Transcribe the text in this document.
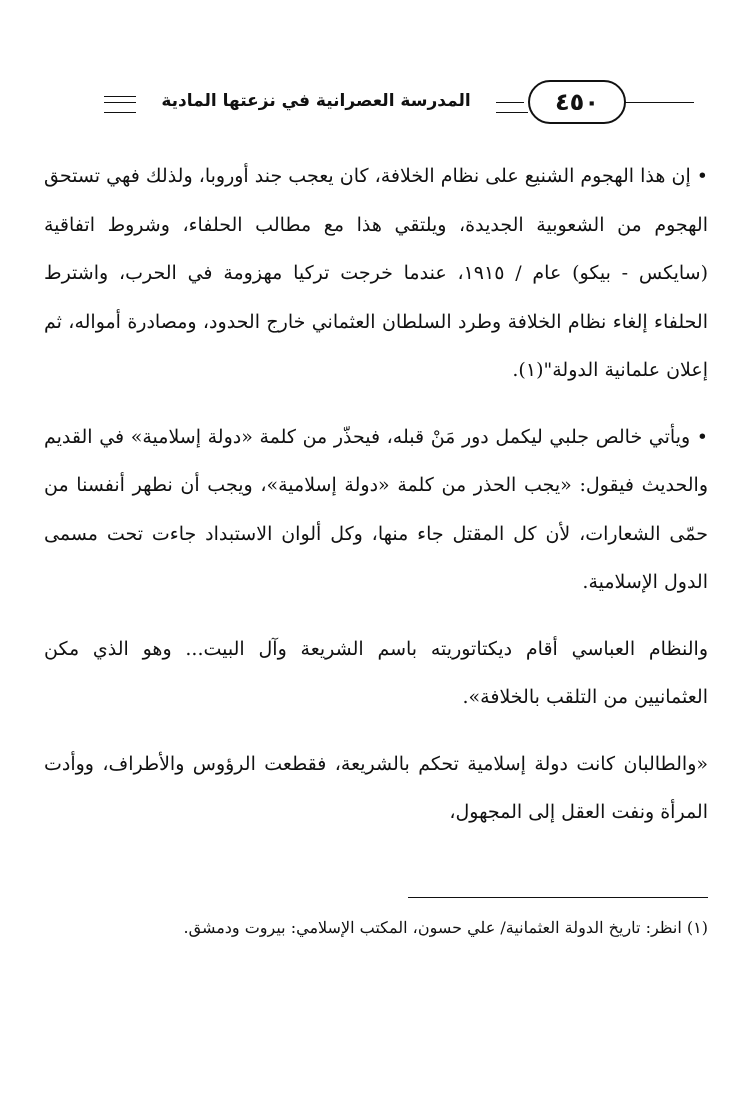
المدرسة العصرانية في نزعتها المادية	٤٥٠

• إن هذا الهجوم الشنيع على نظام الخلافة، كان يعجب جند أوروبا، ولذلك فهي تستحق الهجوم من الشعوبية الجديدة، ويلتقي هذا مع مطالب الحلفاء، وشروط اتفاقية (سايكس - بيكو) عام / ١٩١٥، عندما خرجت تركيا مهزومة في الحرب، واشترط الحلفاء إلغاء نظام الخلافة وطرد السلطان العثماني خارج الحدود، ومصادرة أمواله، ثم إعلان علمانية الدولة"(١).

• ويأتي خالص جلبي ليكمل دور مَنْ قبله، فيحذّر من كلمة «دولة إسلامية» في القديم والحديث فيقول: «يجب الحذر من كلمة «دولة إسلامية»، ويجب أن نطهر أنفسنا من حمّى الشعارات، لأن كل المقتل جاء منها، وكل ألوان الاستبداد جاءت تحت مسمى الدول الإسلامية.

والنظام العباسي أقام ديكتاتوريته باسم الشريعة وآل البيت... وهو الذي مكن العثمانيين من التلقب بالخلافة».

«والطالبان كانت دولة إسلامية تحكم بالشريعة، فقطعت الرؤوس والأطراف، ووأدت المرأة ونفت العقل إلى المجهول،

(١) انظر: تاريخ الدولة العثمانية/ علي حسون، المكتب الإسلامي: بيروت ودمشق.
